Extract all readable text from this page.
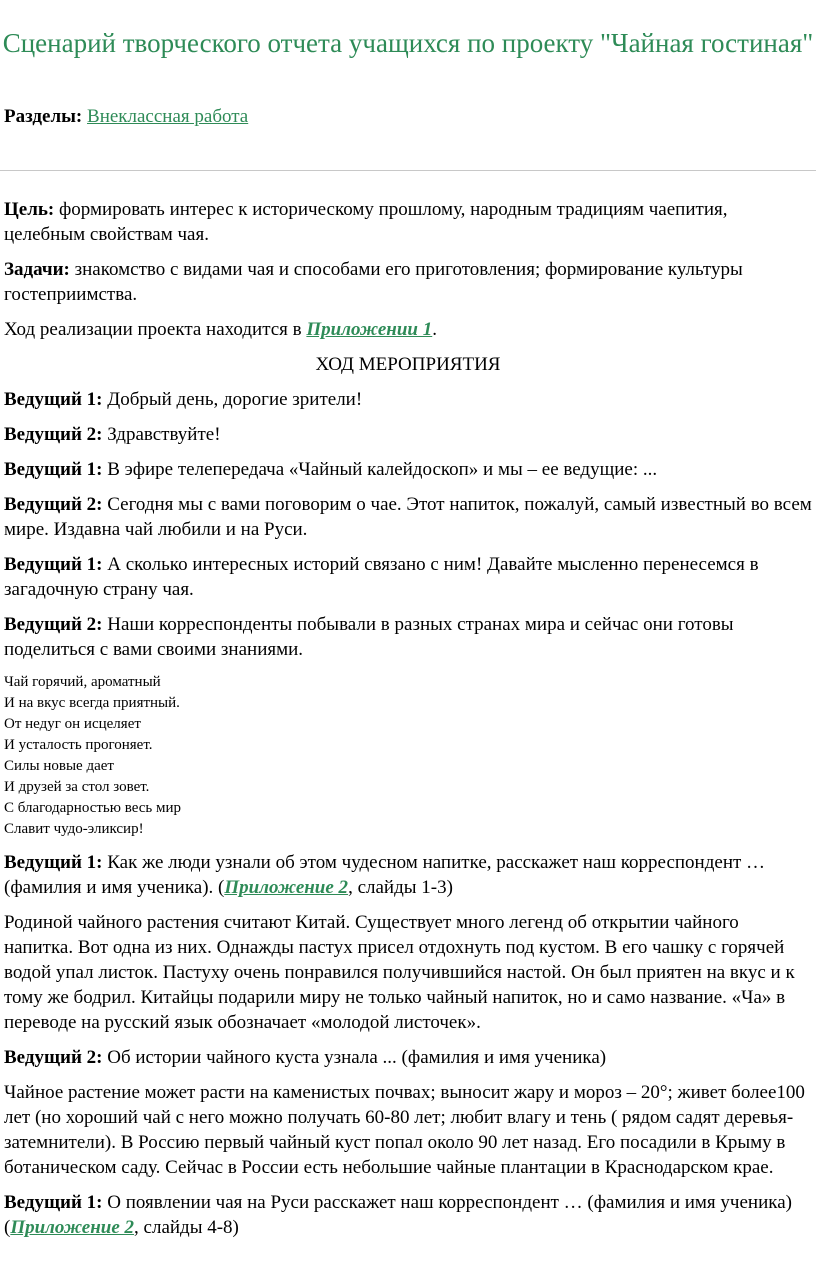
Сценарий творческого отчета учащихся по проекту "Чайная гостиная"
Разделы: Внеклассная работа

Цель: формировать интерес к историческому прошлому, народным традициям чаепития, целебным свойствам чая.

Задачи: знакомство с видами чая и способами его приготовления; формирование культуры гостеприимства.

Ход реализации проекта находится в Приложении 1.

ХОД МЕРОПРИЯТИЯ

Ведущий 1: Добрый день, дорогие зрители!

Ведущий 2: Здравствуйте!

Ведущий 1: В эфире телепередача «Чайный калейдоскоп» и мы – ее ведущие: ...

Ведущий 2: Сегодня мы с вами поговорим о чае. Этот напиток, пожалуй, самый известный во всем мире. Издавна чай любили и на Руси.

Ведущий 1: А сколько интересных историй связано с ним! Давайте мысленно перенесемся в загадочную страну чая.

Ведущий 2: Наши корреспонденты побывали в разных странах мира и сейчас они готовы поделиться с вами своими знаниями.

Чай горячий, ароматный
И на вкус всегда приятный.
От недуг он исцеляет
И усталость прогоняет.
Силы новые дает
И друзей за стол зовет.
С благодарностью весь мир
Славит чудо-эликсир!

Ведущий 1: Как же люди узнали об этом чудесном напитке, расскажет наш корреспондент … (фамилия и имя ученика). (Приложение 2, слайды 1-3)

Родиной чайного растения считают Китай. Существует много легенд об открытии чайного напитка. Вот одна из них. Однажды пастух присел отдохнуть под кустом. В его чашку с горячей водой упал листок. Пастуху очень понравился получившийся настой. Он был приятен на вкус и к тому же бодрил. Китайцы подарили миру не только чайный напиток, но и само название. «Ча» в переводе на русский язык обозначает «молодой листочек».

Ведущий 2: Об истории чайного куста узнала ... (фамилия и имя ученика)

Чайное растение может расти на каменистых почвах; выносит жару и мороз – 20°; живет более100 лет (но хороший чай с него можно получать 60-80 лет; любит влагу и тень ( рядом садят деревья-затемнители). В Россию первый чайный куст попал около 90 лет назад. Его посадили в Крыму в ботаническом саду. Сейчас в России есть небольшие чайные плантации в Краснодарском крае.

Ведущий 1: О появлении чая на Руси расскажет наш корреспондент … (фамилия и имя ученика) (Приложение 2, слайды 4-8)
